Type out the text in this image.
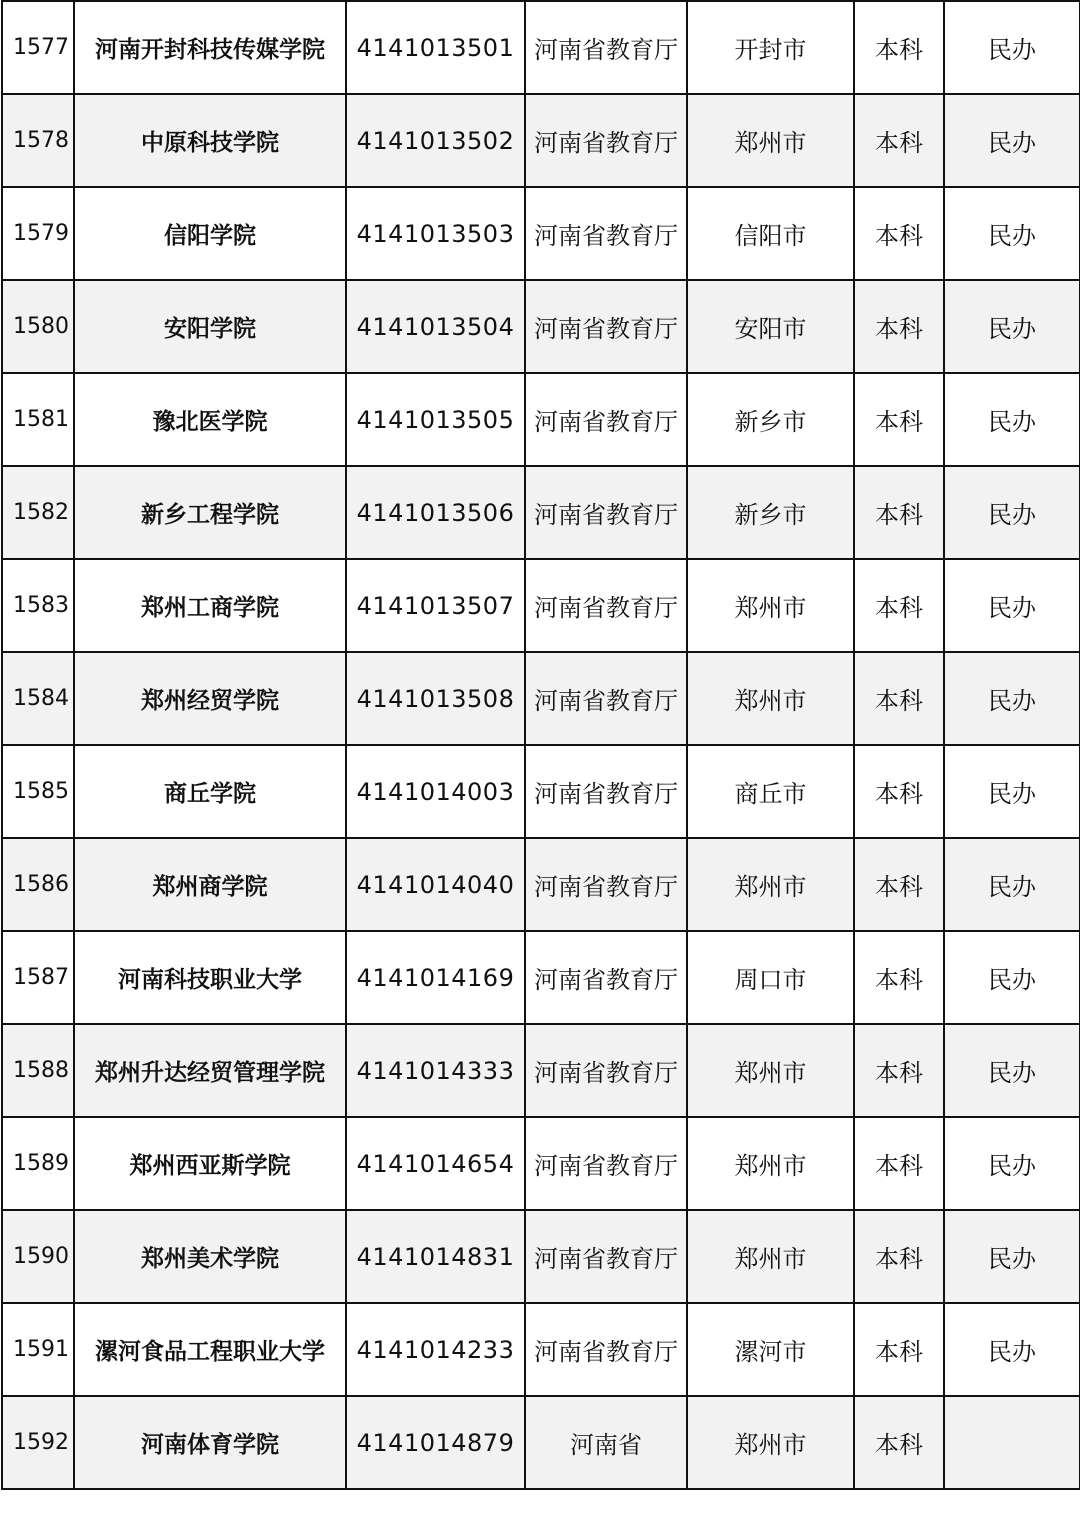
1577	河南开封科技传媒学院	4141013501	河南省教育厅	开封市	本科	民办
1578	中原科技学院	4141013502	河南省教育厅	郑州市	本科	民办
1579	信阳学院	4141013503	河南省教育厅	信阳市	本科	民办
1580	安阳学院	4141013504	河南省教育厅	安阳市	本科	民办
1581	豫北医学院	4141013505	河南省教育厅	新乡市	本科	民办
1582	新乡工程学院	4141013506	河南省教育厅	新乡市	本科	民办
1583	郑州工商学院	4141013507	河南省教育厅	郑州市	本科	民办
1584	郑州经贸学院	4141013508	河南省教育厅	郑州市	本科	民办
1585	商丘学院	4141014003	河南省教育厅	商丘市	本科	民办
1586	郑州商学院	4141014040	河南省教育厅	郑州市	本科	民办
1587	河南科技职业大学	4141014169	河南省教育厅	周口市	本科	民办
1588	郑州升达经贸管理学院	4141014333	河南省教育厅	郑州市	本科	民办
1589	郑州西亚斯学院	4141014654	河南省教育厅	郑州市	本科	民办
1590	郑州美术学院	4141014831	河南省教育厅	郑州市	本科	民办
1591	漯河食品工程职业大学	4141014233	河南省教育厅	漯河市	本科	民办
1592	河南体育学院	4141014879	河南省	郑州市	本科	
